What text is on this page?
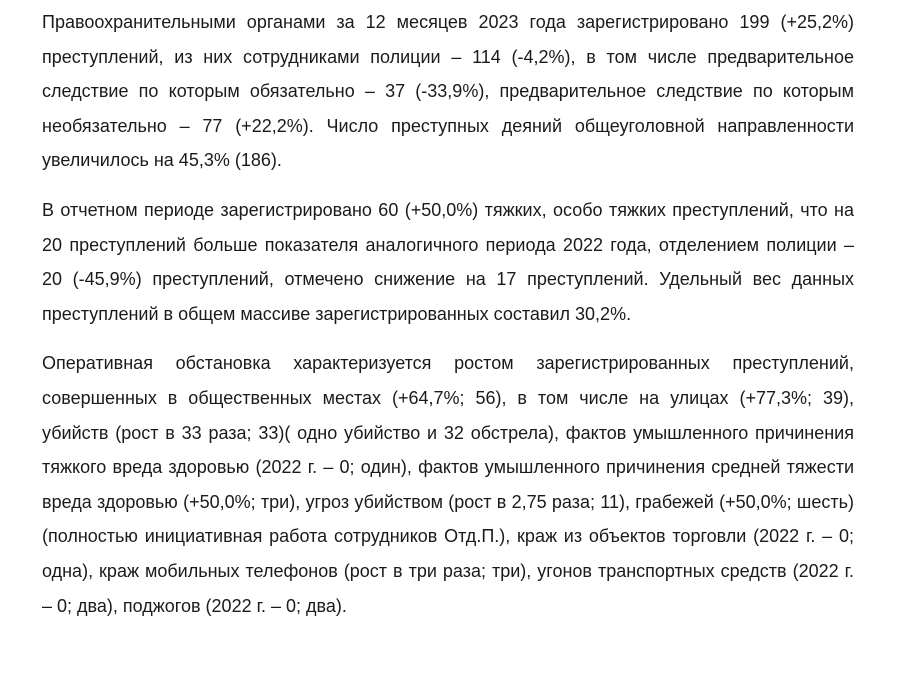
Правоохранительными органами за 12 месяцев 2023 года зарегистрировано 199 (+25,2%) преступлений, из них сотрудниками полиции – 114 (-4,2%), в том числе предварительное следствие по которым обязательно – 37 (-33,9%), предварительное следствие по которым необязательно – 77 (+22,2%). Число преступных деяний общеуголовной направленности увеличилось на 45,3% (186).

В отчетном периоде зарегистрировано 60 (+50,0%) тяжких, особо тяжких преступлений, что на 20 преступлений больше показателя аналогичного периода 2022 года, отделением полиции – 20 (-45,9%) преступлений, отмечено снижение на 17 преступлений. Удельный вес данных преступлений в общем массиве зарегистрированных составил 30,2%.

Оперативная обстановка характеризуется ростом зарегистрированных преступлений, совершенных в общественных местах (+64,7%; 56), в том числе на улицах (+77,3%; 39), убийств (рост в 33 раза; 33)( одно убийство и 32 обстрела), фактов умышленного причинения тяжкого вреда здоровью (2022 г. – 0; один), фактов умышленного причинения средней тяжести вреда здоровью (+50,0%; три), угроз убийством (рост в 2,75 раза; 11), грабежей (+50,0%; шесть)(полностью инициативная работа сотрудников Отд.П.), краж из объектов торговли (2022 г. – 0; одна), краж мобильных телефонов (рост в три раза; три), угонов транспортных средств (2022 г. – 0; два), поджогов (2022 г. – 0; два).
